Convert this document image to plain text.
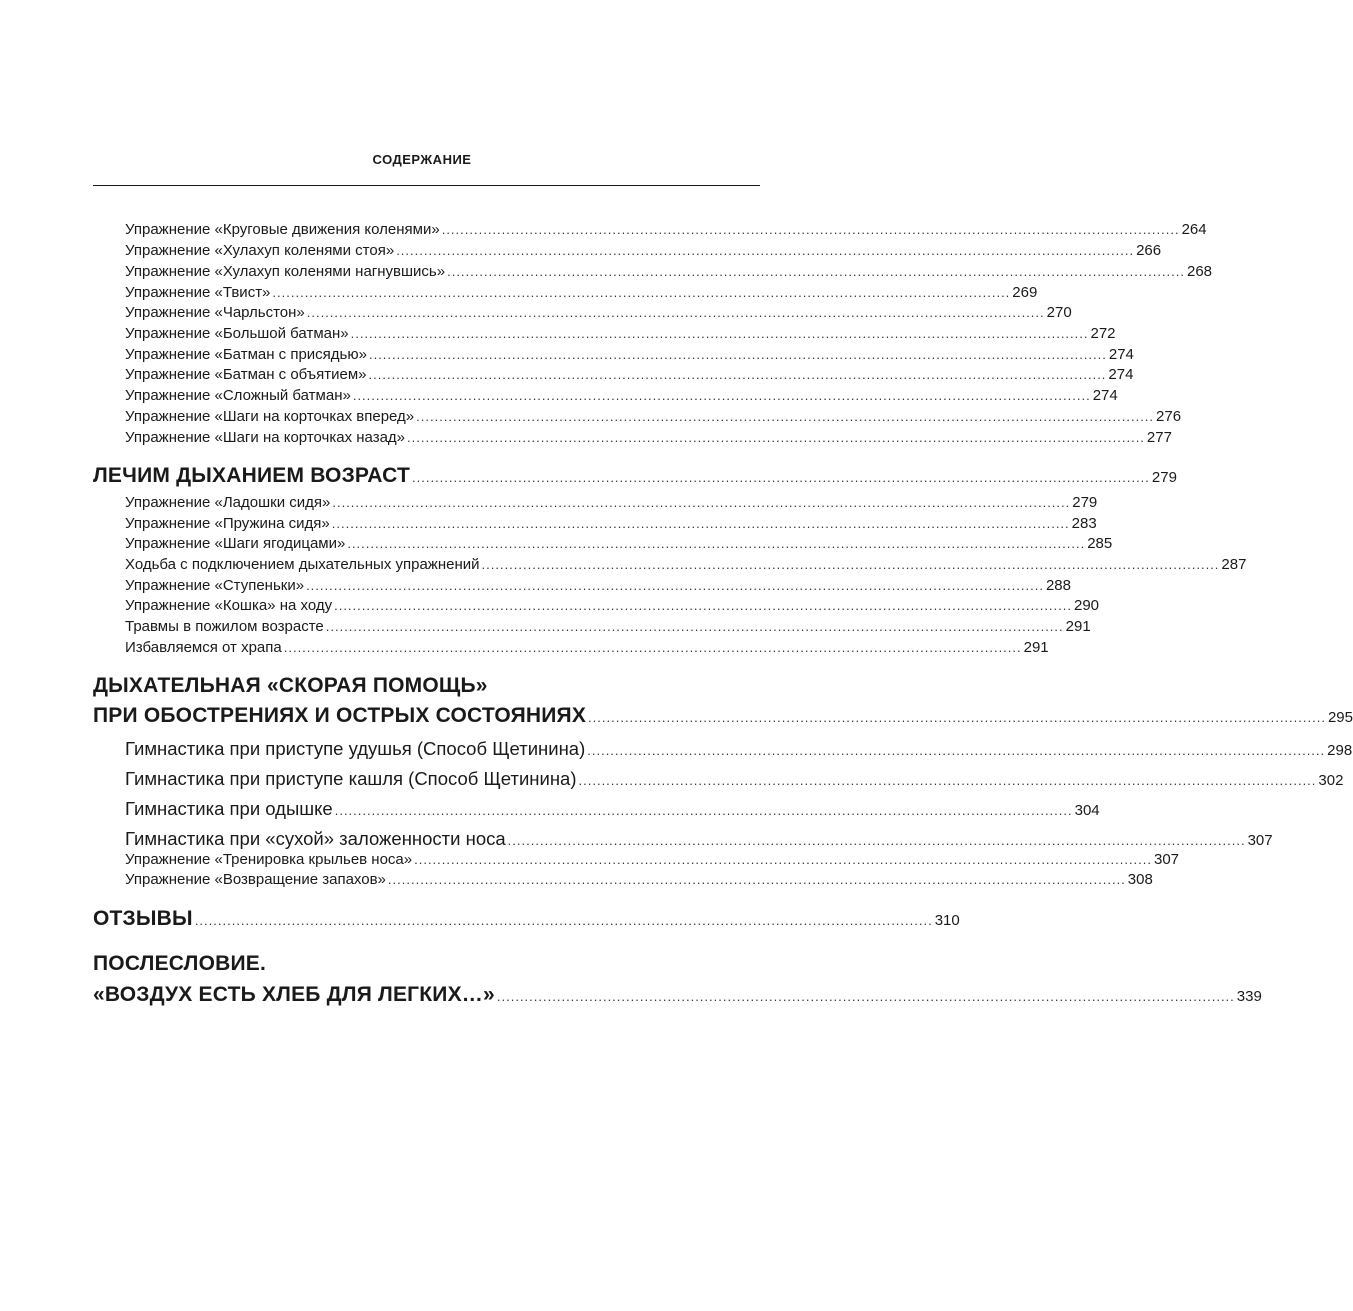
СОДЕРЖАНИЕ
Упражнение «Круговые движения коленями» ................................................................................................................................................................ 264
Упражнение «Хулахуп коленями стоя» ................................................................................................................................................................ 266
Упражнение «Хулахуп коленями нагнувшись» ................................................................................................................................................................ 268
Упражнение «Твист» ................................................................................................................................................................ 269
Упражнение «Чарльстон» ................................................................................................................................................................ 270
Упражнение «Большой батман» ................................................................................................................................................................ 272
Упражнение «Батман с присядью» ................................................................................................................................................................ 274
Упражнение «Батман с объятием» ................................................................................................................................................................ 274
Упражнение «Сложный батман» ................................................................................................................................................................ 274
Упражнение «Шаги на корточках вперед» ................................................................................................................................................................ 276
Упражнение «Шаги на корточках назад» ................................................................................................................................................................ 277
ЛЕЧИМ ДЫХАНИЕМ ВОЗРАСТ ................................................................................................................................................................ 279
Упражнение «Ладошки сидя» ................................................................................................................................................................ 279
Упражнение «Пружина сидя» ................................................................................................................................................................ 283
Упражнение «Шаги ягодицами» ................................................................................................................................................................ 285
Ходьба с подключением дыхательных упражнений ................................................................................................................................................................ 287
Упражнение «Ступеньки» ................................................................................................................................................................ 288
Упражнение «Кошка» на ходу ................................................................................................................................................................ 290
Травмы в пожилом возрасте ................................................................................................................................................................ 291
Избавляемся от храпа ................................................................................................................................................................ 291
ДЫХАТЕЛЬНАЯ «СКОРАЯ ПОМОЩЬ»
ПРИ ОБОСТРЕНИЯХ И ОСТРЫХ СОСТОЯНИЯХ ................................................................................................................................................................ 295
Гимнастика при приступе удушья (Способ Щетинина) ................................................................................................................................................................ 298
Гимнастика при приступе кашля (Способ Щетинина) ................................................................................................................................................................ 302
Гимнастика при одышке ................................................................................................................................................................ 304
Гимнастика при «сухой» заложенности носа ................................................................................................................................................................ 307
Упражнение «Тренировка крыльев носа» ................................................................................................................................................................ 307
Упражнение «Возвращение запахов» ................................................................................................................................................................ 308
ОТЗЫВЫ ................................................................................................................................................................ 310
ПОСЛЕСЛОВИЕ.
«ВОЗДУХ ЕСТЬ ХЛЕБ ДЛЯ ЛЕГКИХ…» ................................................................................................................................................................ 339
